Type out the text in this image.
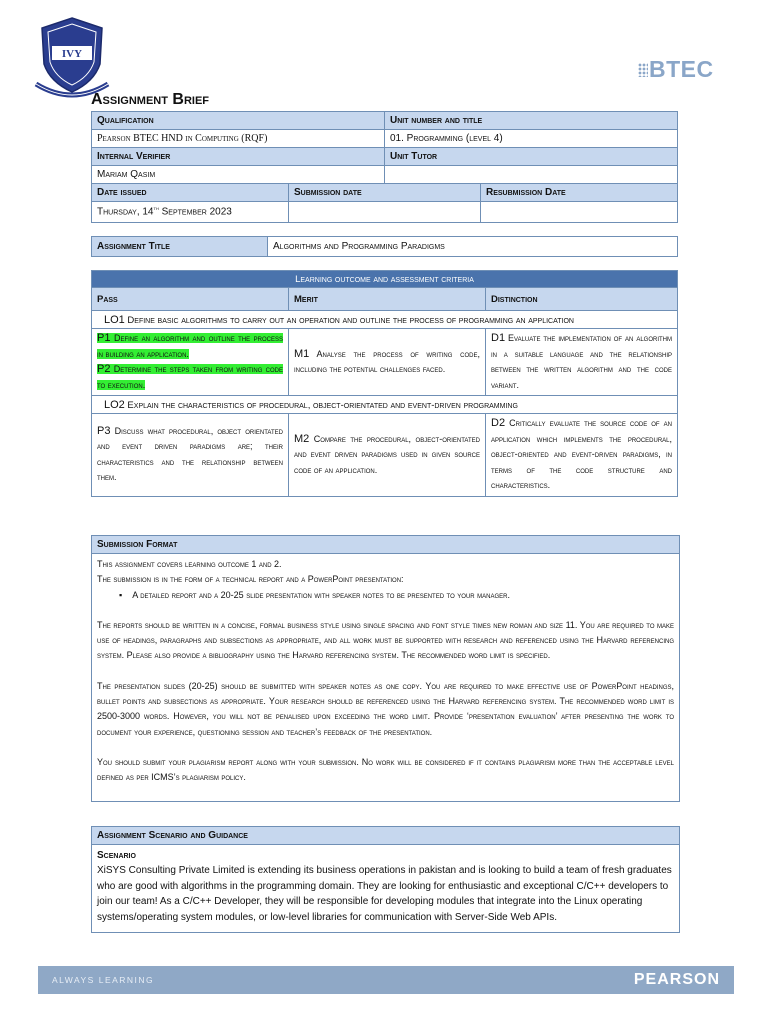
IVY
BTEC
Assignment Brief
Qualification		Unit number and title	
Pearson BTEC HND in Computing (RQF)		01. Programming (level 4)	
Internal Verifier		Unit Tutor	
Mariam Qasim			
Date issued	Submission date		Resubmission Date
Thursday, 14th September 2023			
Assignment Title	Algorithms and Programming Paradigms
Learning outcome and assessment criteria		
Pass	Merit	Distinction
LO1 Define basic algorithms to carry out an operation and outline the process of programming an application		
P1 Define an algorithm and outline the process in building an application.
P2 Determine the steps taken from writing code to execution.	M1 Analyse the process of writing code, including the potential challenges faced.	D1 Evaluate the implementation of an algorithm in a suitable language and the relationship between the written algorithm and the code variant.
LO2 Explain the characteristics of procedural, object-orientated and event-driven programming		
P3 Discuss what procedural, object orientated and event driven paradigms are; their characteristics and the relationship between them.	M2 Compare the procedural, object-orientated and event driven paradigms used in given source code of an application.	D2 Critically evaluate the source code of an application which implements the procedural, object-oriented and event-driven paradigms, in terms of the code structure and characteristics.
Submission Format

This assignment covers learning outcome 1 and 2.

The submission is in the form of a technical report and a PowerPoint presentation:

▪    A detailed report and a 20-25 slide presentation with speaker notes to be presented to your manager.

The reports should be written in a concise, formal business style using single spacing and font style times new roman and size 11. You are required to make use of headings, paragraphs and subsections as appropriate, and all work must be supported with research and referenced using the Harvard referencing system. Please also provide a bibliography using the Harvard referencing system. The recommended word limit is specified.

The presentation slides (20-25) should be submitted with speaker notes as one copy. You are required to make effective use of PowerPoint headings, bullet points and subsections as appropriate. Your research should be referenced using the Harvard referencing system. The recommended word limit is 2500-3000 words. However, you will not be penalised upon exceeding the word limit. Provide ‘presentation evaluation’ after presenting the work to document your experience, questioning session and teacher’s feedback of the presentation.

You should submit your plagiarism report along with your submission. No work will be considered if it contains plagiarism more than the acceptable level defined as per ICMS’s plagiarism policy.

Assignment Scenario and Guidance

Scenario

XiSYS Consulting Private Limited is extending its business operations in pakistan and is looking to build a team of fresh graduates who are good with algorithms in the programming domain. They are looking for enthusiastic and exceptional C/C++ developers to join our team! As a C/C++ Developer, they will be responsible for developing modules that integrate into the Linux operating systems/operating system modules, or low-level libraries for communication with Server-Side Web APIs.

ALWAYS LEARNING	PEARSON
